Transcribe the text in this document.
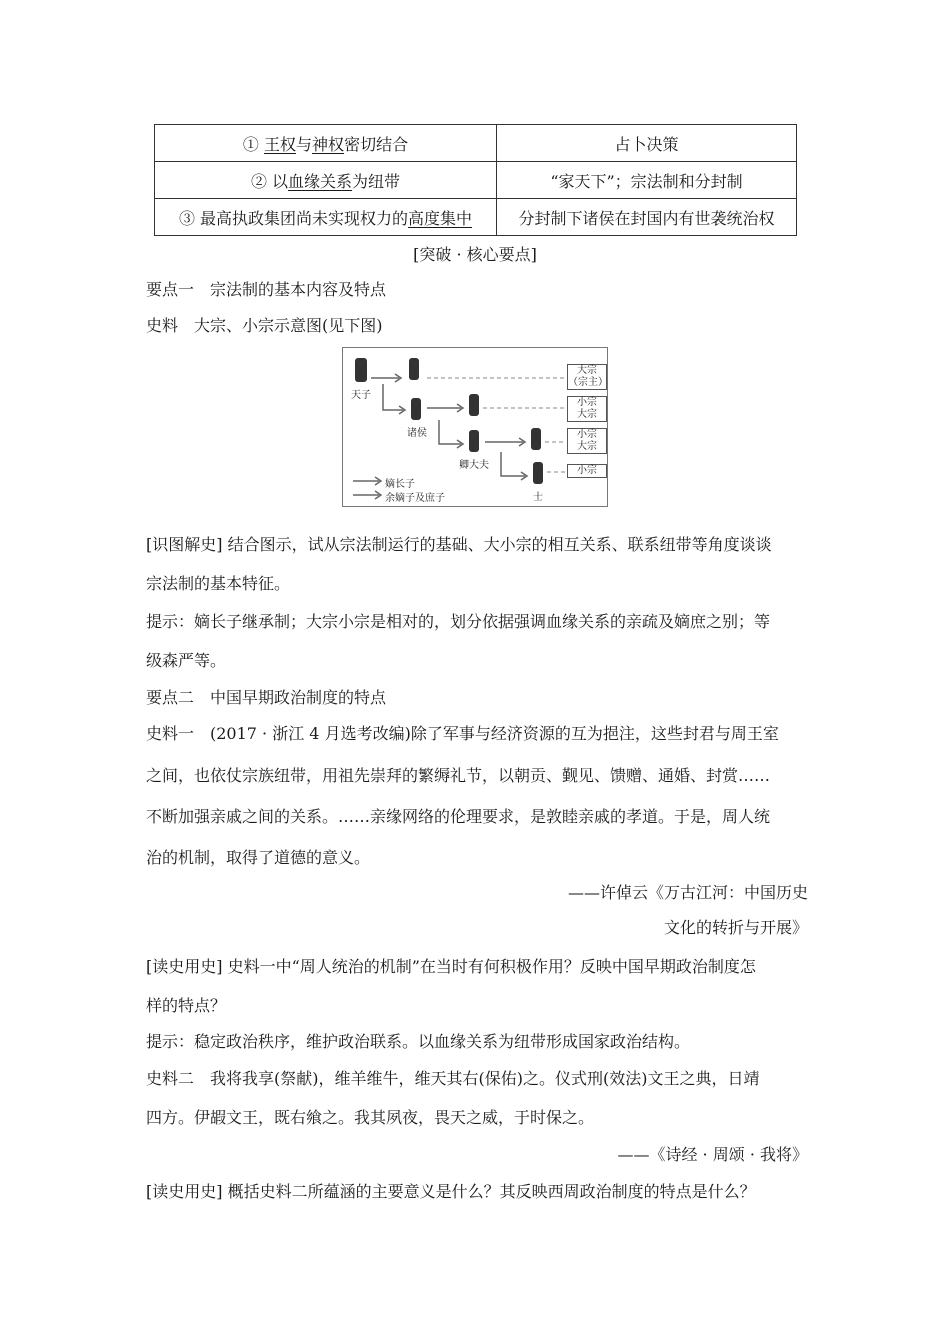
① 王权与神权密切结合	占卜决策
② 以血缘关系为纽带	“家天下”；宗法制和分封制
③ 最高执政集团尚未实现权力的高度集中	分封制下诸侯在封国内有世袭统治权
[突破 · 核心要点]
要点一　宗法制的基本内容及特点
史料　大宗、小宗示意图(见下图)
天子
诸侯
卿大夫
士
大宗
（宗主）
小宗
大宗
小宗
大宗
小宗
嫡长子
余嫡子及庶子
[识图解史] 结合图示，试从宗法制运行的基础、大小宗的相互关系、联系纽带等角度谈谈
宗法制的基本特征。
提示：嫡长子继承制；大宗小宗是相对的，划分依据强调血缘关系的亲疏及嫡庶之别；等
级森严等。
要点二　中国早期政治制度的特点
史料一　(2017 · 浙江 4 月选考改编)除了军事与经济资源的互为挹注，这些封君与周王室
之间，也依仗宗族纽带，用祖先崇拜的繁缛礼节，以朝贡、觐见、馈赠、通婚、封赏……
不断加强亲戚之间的关系。……亲缘网络的伦理要求，是敦睦亲戚的孝道。于是，周人统
治的机制，取得了道德的意义。
——许倬云《万古江河：中国历史
文化的转折与开展》
[读史用史] 史料一中“周人统治的机制”在当时有何积极作用？反映中国早期政治制度怎
样的特点？
提示：稳定政治秩序，维护政治联系。以血缘关系为纽带形成国家政治结构。
史料二　我将我享(祭献)，维羊维牛，维天其右(保佑)之。仪式刑(效法)文王之典，日靖
四方。伊嘏文王，既右飨之。我其夙夜，畏天之威，于时保之。
——《诗经 · 周颂 · 我将》
[读史用史] 概括史料二所蕴涵的主要意义是什么？其反映西周政治制度的特点是什么？
